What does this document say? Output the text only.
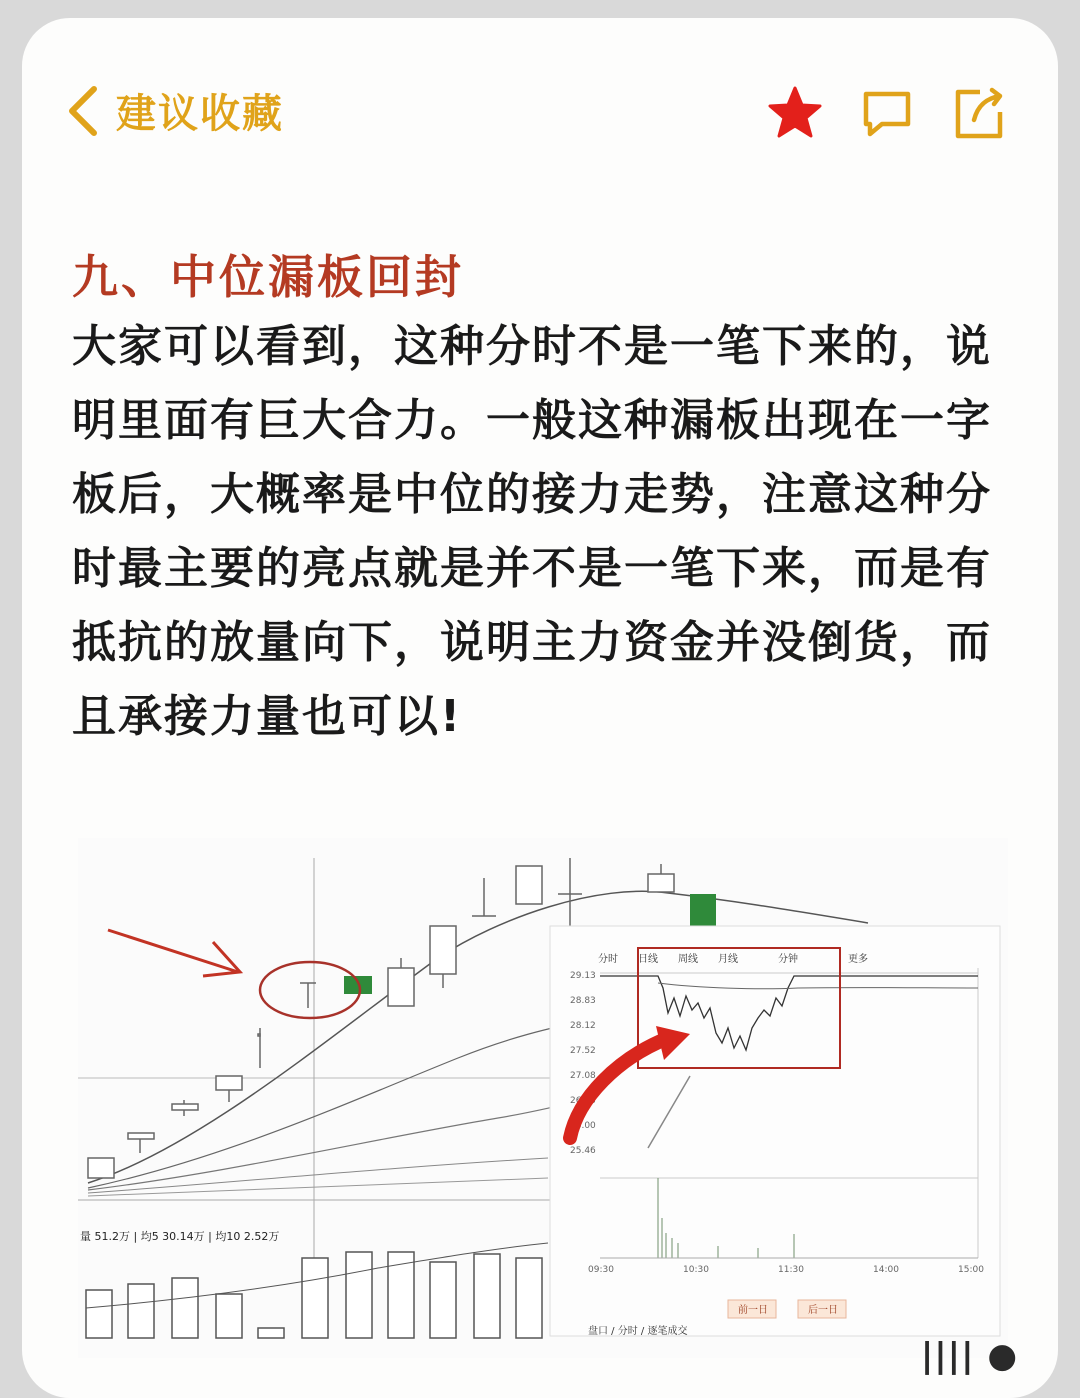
建议收藏
九、中位漏板回封

大家可以看到，这种分时不是一笔下来的，说明里面有巨大合力。一般这种漏板出现在一字板后，大概率是中位的接力走势，注意这种分时最主要的亮点就是并不是一笔下来，而是有抵抗的放量向下，说明主力资金并没倒货，而且承接力量也可以!

量 51.2万 | 均5 30.14万 | 均10 2.52万
分时 日线 周线 月线	分钟	更多
29.13
28.83
28.12
27.52
27.08
26.53
26.00
25.46
09:30	10:30	11:30	14:00	15:00
前一日	后一日
盘口 / 分时 / 逐笔成交
|||| ●
